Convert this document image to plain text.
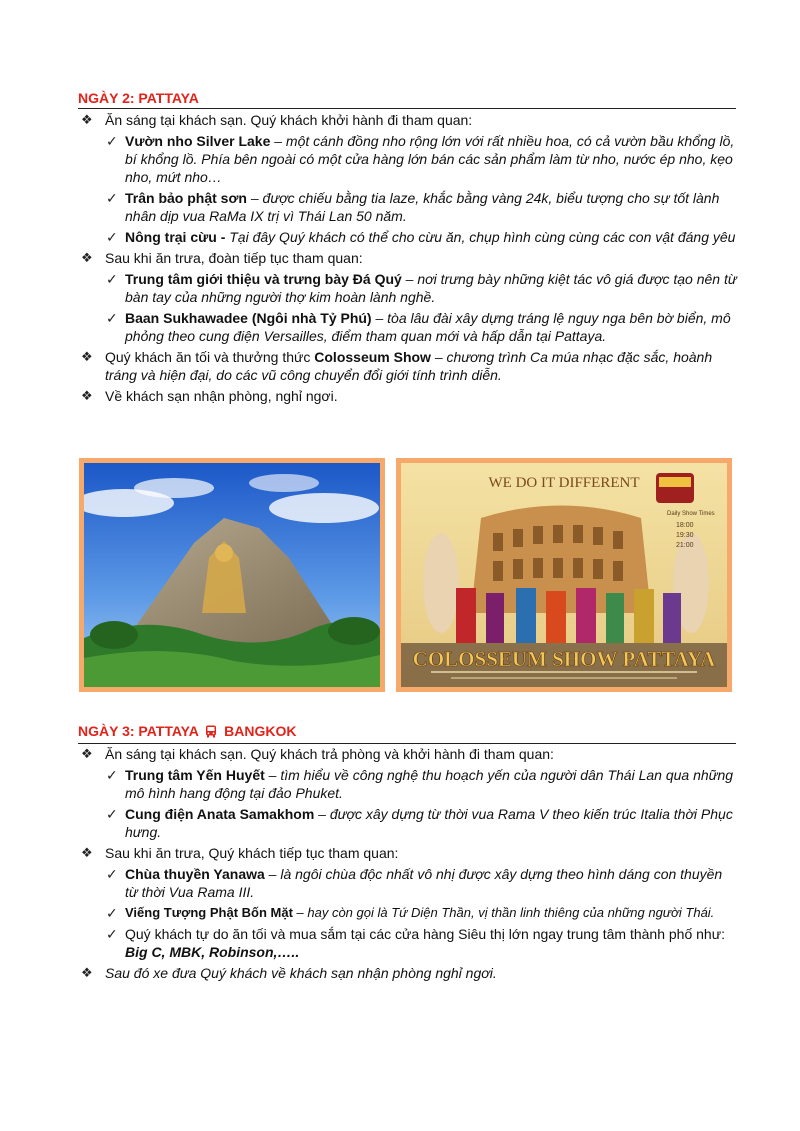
NGÀY 2: PATTAYA
❖ Ăn sáng tại khách sạn. Quý khách khởi hành đi tham quan:
✓ Vườn nho Silver Lake – một cánh đồng nho rộng lớn với rất nhiều hoa, có cả vườn bầu khổng lồ, bí khổng lồ. Phía bên ngoài có một cửa hàng lớn bán các sản phẩm làm từ nho, nước ép nho, kẹo nho, mứt nho…
✓ Trân bảo phật sơn – được chiếu bằng tia laze, khắc bằng vàng 24k, biểu tượng cho sự tốt lành nhân dịp vua RaMa IX trị vì Thái Lan 50 năm.
✓ Nông trại cừu - Tại đây Quý khách có thể cho cừu ăn, chụp hình cùng cùng các con vật đáng yêu
❖ Sau khi ăn trưa, đoàn tiếp tục tham quan:
✓ Trung tâm giới thiệu và trưng bày Đá Quý – nơi trưng bày những kiệt tác vô giá được tạo nên từ bàn tay của những người thợ kim hoàn lành nghề.
✓ Baan Sukhawadee (Ngôi nhà Tỷ Phú) – tòa lâu đài xây dựng tráng lệ nguy nga bên bờ biển, mô phỏng theo cung điện Versailles, điểm tham quan mới và hấp dẫn tại Pattaya.
❖ Quý khách ăn tối và thưởng thức Colosseum Show – chương trình Ca múa nhạc đặc sắc, hoành tráng và hiện đại, do các vũ công chuyển đổi giới tính trình diễn.
❖ Về khách sạn nhận phòng, nghỉ ngơi.
WE DO IT DIFFERENT
Daily Show Times
18:00
19:30
21:00
COLOSSEUM SHOW PATTAYA
NGÀY 3: PATTAYA BANGKOK
❖ Ăn sáng tại khách sạn. Quý khách trả phòng và khởi hành đi tham quan:
✓ Trung tâm Yến Huyết – tìm hiểu về công nghệ thu hoạch yến của người dân Thái Lan qua những mô hình hang động tại đảo Phuket.
✓ Cung điện Anata Samakhom – được xây dựng từ thời vua Rama V theo kiến trúc Italia thời Phục hưng.
❖ Sau khi ăn trưa, Quý khách tiếp tục tham quan:
✓ Chùa thuyền Yanawa – là ngôi chùa độc nhất vô nhị được xây dựng theo hình dáng con thuyền từ thời Vua Rama III.
✓ Viếng Tượng Phật Bốn Mặt – hay còn gọi là Tứ Diện Thần, vị thần linh thiêng của những người Thái.
✓ Quý khách tự do ăn tối và mua sắm tại các cửa hàng Siêu thị lớn ngay trung tâm thành phố như: Big C, MBK, Robinson,…..
❖ Sau đó xe đưa Quý khách về khách sạn nhận phòng nghỉ ngơi.
